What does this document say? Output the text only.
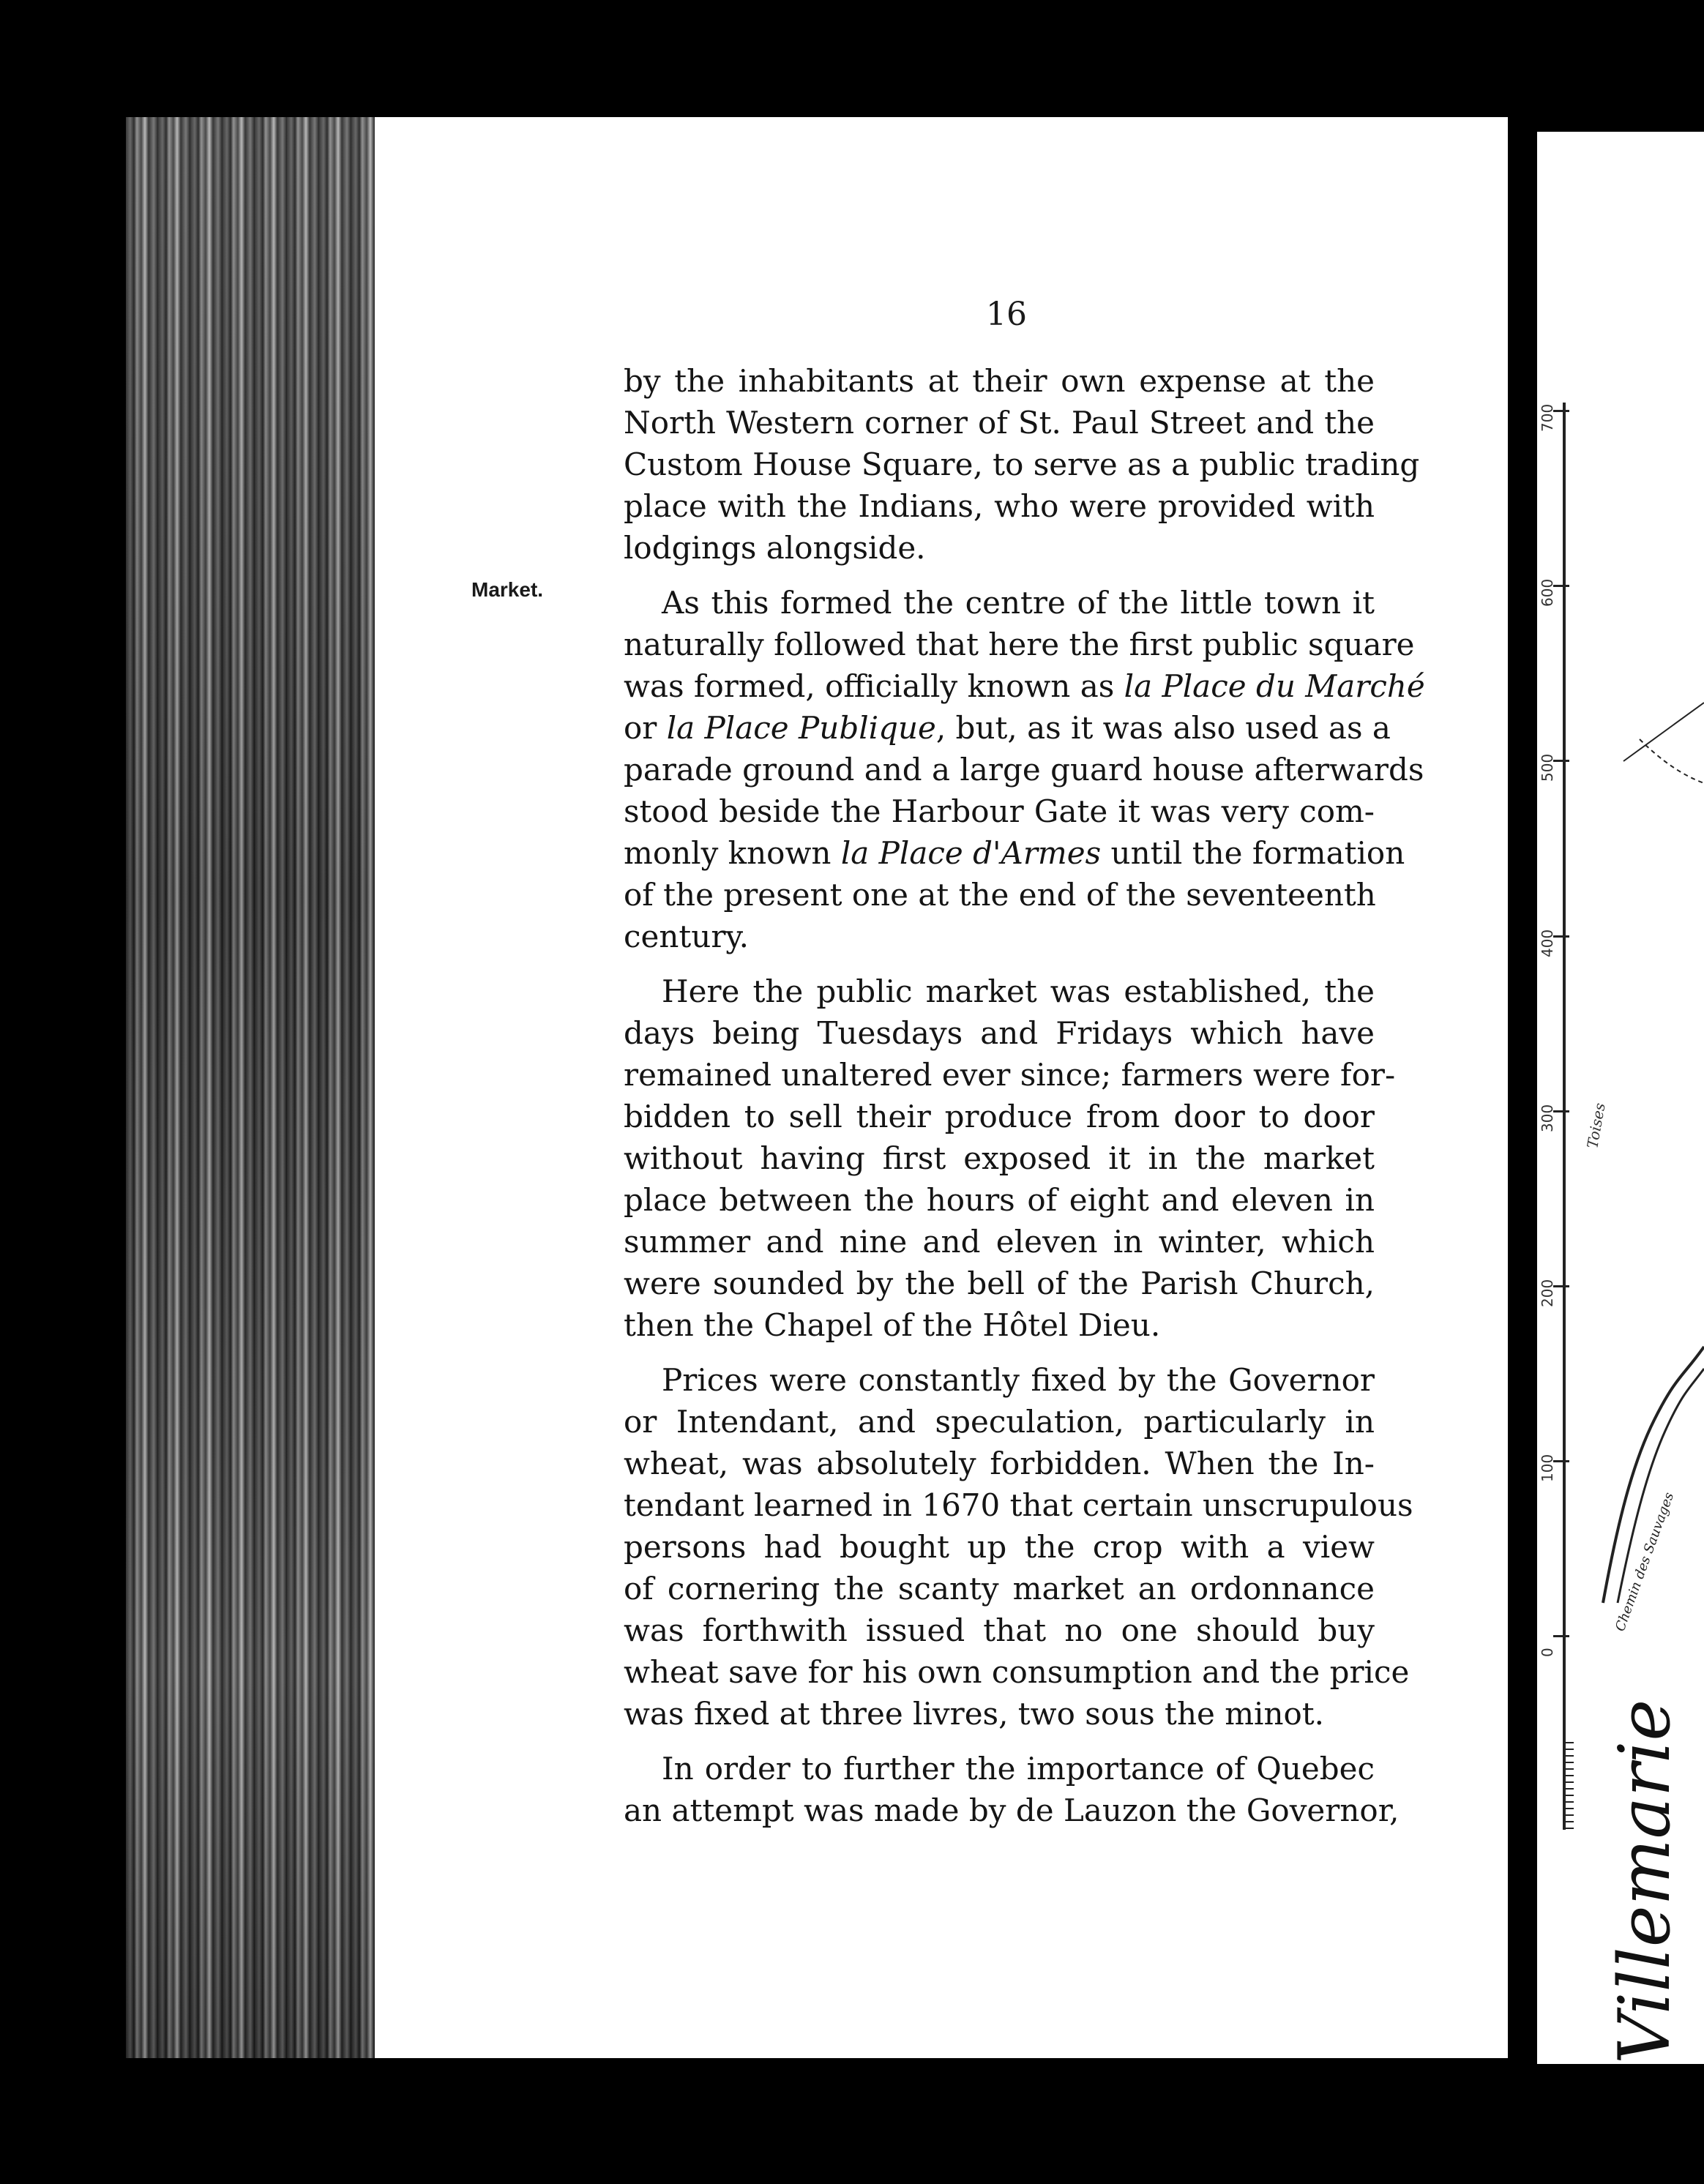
16
Market.
by the inhabitants at their own expense at the
North Western corner of St. Paul Street and the
Custom House Square, to serve as a public trading
place with the Indians, who were provided with
lodgings alongside.
As this formed the centre of the little town it
naturally followed that here the first public square
was formed, officially known as la Place du Marché
or la Place Publique, but, as it was also used as a
parade ground and a large guard house afterwards
stood beside the Harbour Gate it was very com-
monly known la Place d'Armes until the formation
of the present one at the end of the seventeenth
century.
Here the public market was established, the
days being Tuesdays and Fridays which have
remained unaltered ever since; farmers were for-
bidden to sell their produce from door to door
without having first exposed it in the market
place between the hours of eight and eleven in
summer and nine and eleven in winter, which
were sounded by the bell of the Parish Church,
then the Chapel of the Hôtel Dieu.
Prices were constantly fixed by the Governor
or Intendant, and speculation, particularly in
wheat, was absolutely forbidden. When the In-
tendant learned in 1670 that certain unscrupulous
persons had bought up the crop with a view
of cornering the scanty market an ordonnance
was forthwith issued that no one should buy
wheat save for his own consumption and the price
was fixed at three livres, two sous the minot.
In order to further the importance of Quebec
an attempt was made by de Lauzon the Governor,
Chemin des Sauvages
Toises
Villemarie
700
600
500
400
300
200
100
0
